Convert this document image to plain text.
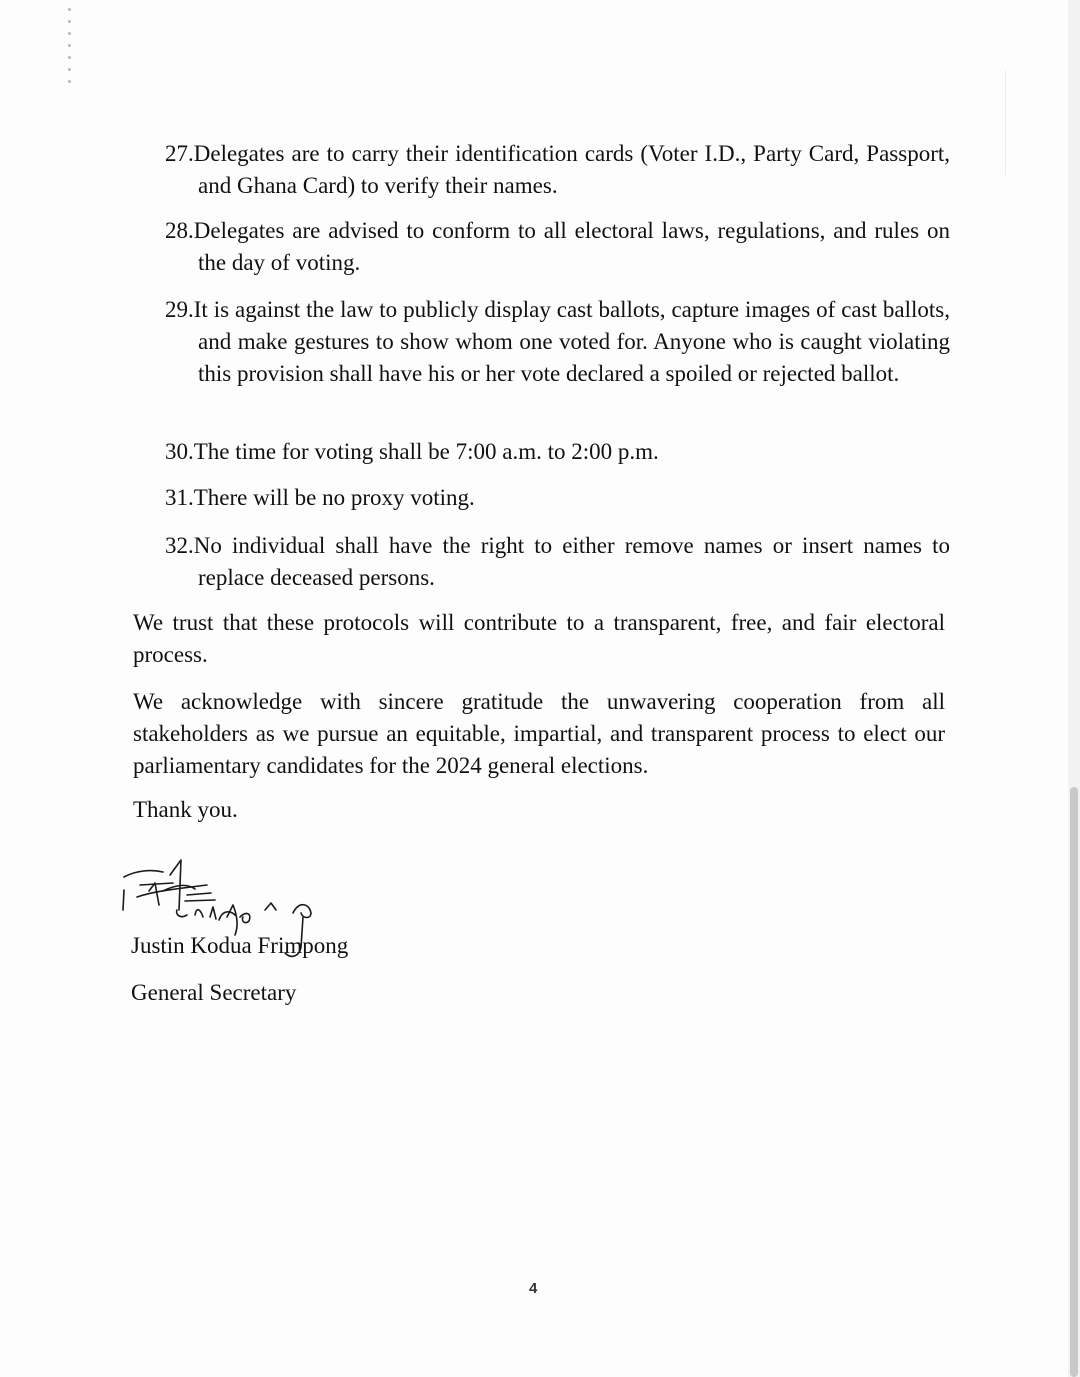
27.Delegates are to carry their identification cards (Voter I.D., Party Card, Passport, and Ghana Card) to verify their names.
28.Delegates are advised to conform to all electoral laws, regulations, and rules on the day of voting.
29.It is against the law to publicly display cast ballots, capture images of cast ballots, and make gestures to show whom one voted for. Anyone who is caught violating this provision shall have his or her vote declared a spoiled or rejected ballot.
30.The time for voting shall be 7:00 a.m. to 2:00 p.m.
31.There will be no proxy voting.
32.No individual shall have the right to either remove names or insert names to replace deceased persons.
We trust that these protocols will contribute to a transparent, free, and fair electoral process.
We acknowledge with sincere gratitude the unwavering cooperation from all stakeholders as we pursue an equitable, impartial, and transparent process to elect our parliamentary candidates for the 2024 general elections.
Thank you.
Justin Kodua Frimpong
General Secretary
4
